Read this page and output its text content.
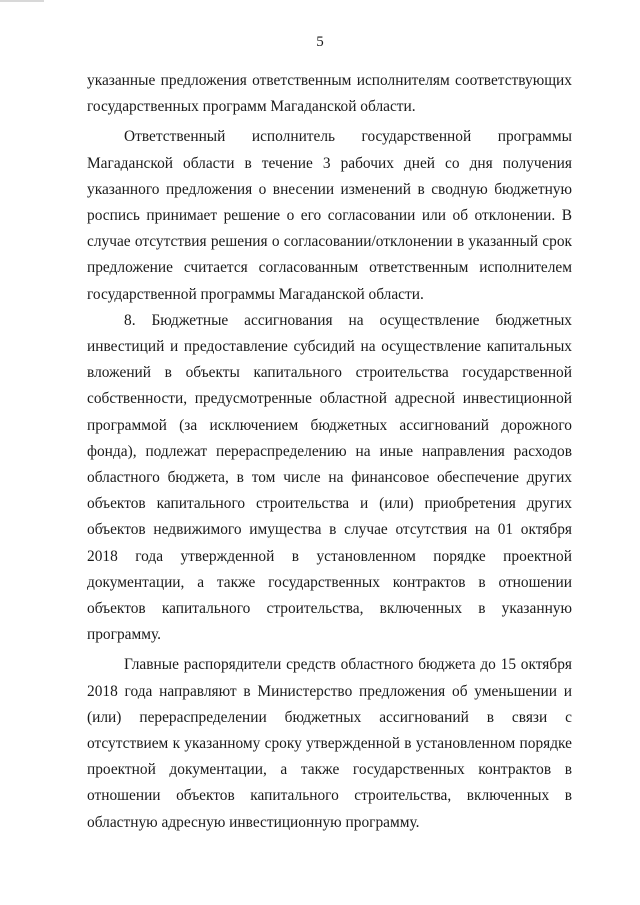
5

указанные предложения ответственным исполнителям соответствующих государственных программ Магаданской области.

Ответственный исполнитель государственной программы Магаданской области в течение 3 рабочих дней со дня получения указанного предложения о внесении изменений в сводную бюджетную роспись принимает решение о его согласовании или об отклонении. В случае отсутствия решения о согласовании/отклонении в указанный срок предложение считается согласованным ответственным исполнителем государственной программы Магаданской области.

8. Бюджетные ассигнования на осуществление бюджетных инвестиций и предоставление субсидий на осуществление капитальных вложений в объекты капитального строительства государственной собственности, предусмотренные областной адресной инвестиционной программой (за исключением бюджетных ассигнований дорожного фонда), подлежат перераспределению на иные направления расходов областного бюджета, в том числе на финансовое обеспечение других объектов капитального строительства и (или) приобретения других объектов недвижимого имущества в случае отсутствия на 01 октября 2018 года утвержденной в установленном порядке проектной документации, а также государственных контрактов в отношении объектов капитального строительства, включенных в указанную программу.

Главные распорядители средств областного бюджета до 15 октября 2018 года направляют в Министерство предложения об уменьшении и (или) перераспределении бюджетных ассигнований в связи с отсутствием к указанному сроку утвержденной в установленном порядке проектной документации, а также государственных контрактов в отношении объектов капитального строительства, включенных в областную адресную инвестиционную программу.
